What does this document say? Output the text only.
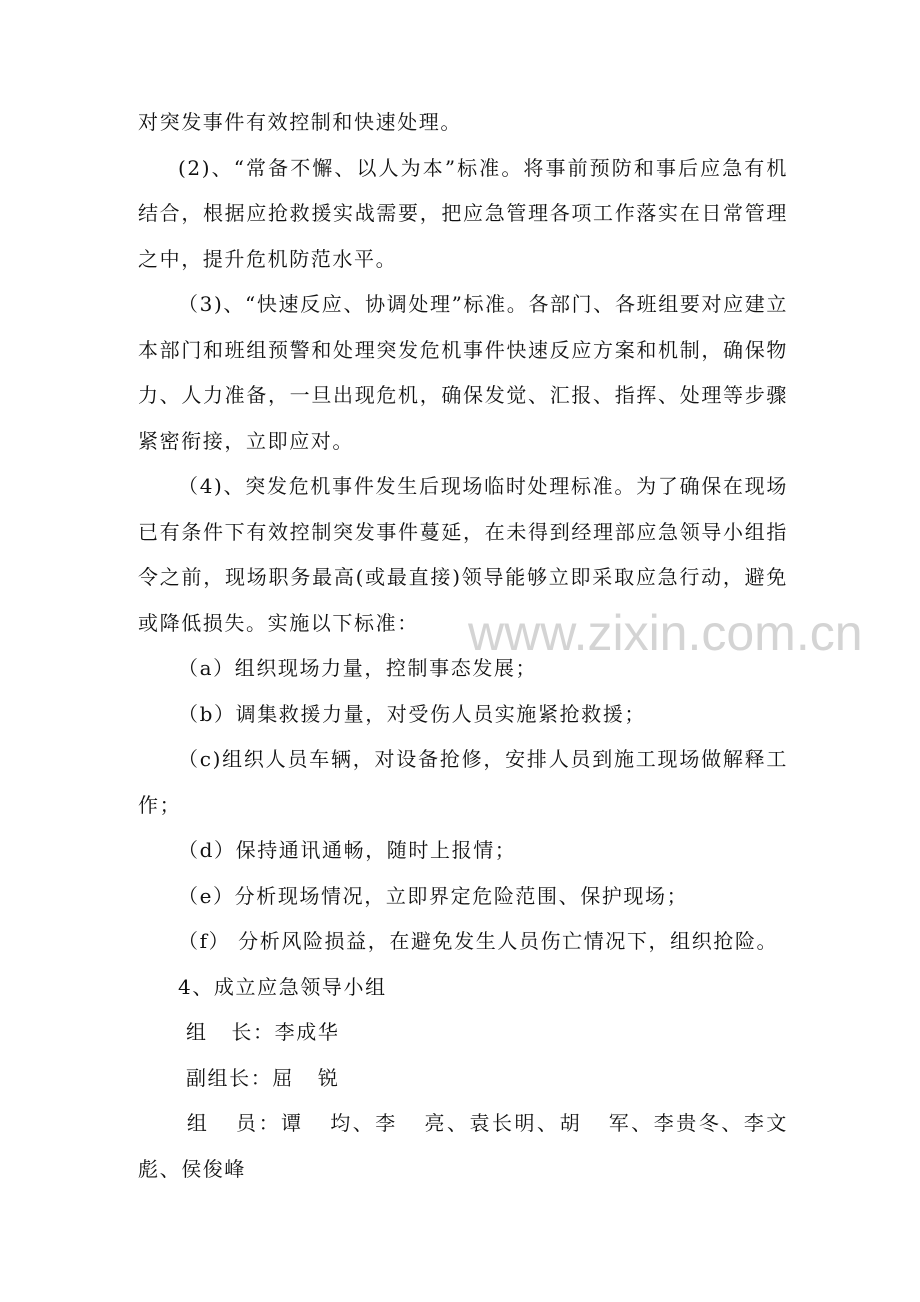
www.zixin.com.cn

对突发事件有效控制和快速处理。

(2)、“常备不懈、以人为本”标准。将事前预防和事后应急有机结合，根据应抢救援实战需要，把应急管理各项工作落实在日常管理之中，提升危机防范水平。

（3)、“快速反应、协调处理”标准。各部门、各班组要对应建立本部门和班组预警和处理突发危机事件快速反应方案和机制，确保物力、人力准备，一旦出现危机，确保发觉、汇报、指挥、处理等步骤紧密衔接，立即应对。

（4)、突发危机事件发生后现场临时处理标准。为了确保在现场已有条件下有效控制突发事件蔓延，在未得到经理部应急领导小组指令之前，现场职务最高(或最直接)领导能够立即采取应急行动，避免或降低损失。实施以下标准：

（a）组织现场力量，控制事态发展；

（b）调集救援力量，对受伤人员实施紧抢救援；

（c)组织人员车辆，对设备抢修，安排人员到施工现场做解释工作；

（d）保持通讯通畅，随时上报情；

（e）分析现场情况，立即界定危险范围、保护现场；

（f） 分析风险损益，在避免发生人员伤亡情况下，组织抢险。

4、成立应急领导小组

组   长：李成华

副组长：屈   锐

组   员：谭   均、李   亮、袁长明、胡   军、李贵冬、李文彪、侯俊峰
